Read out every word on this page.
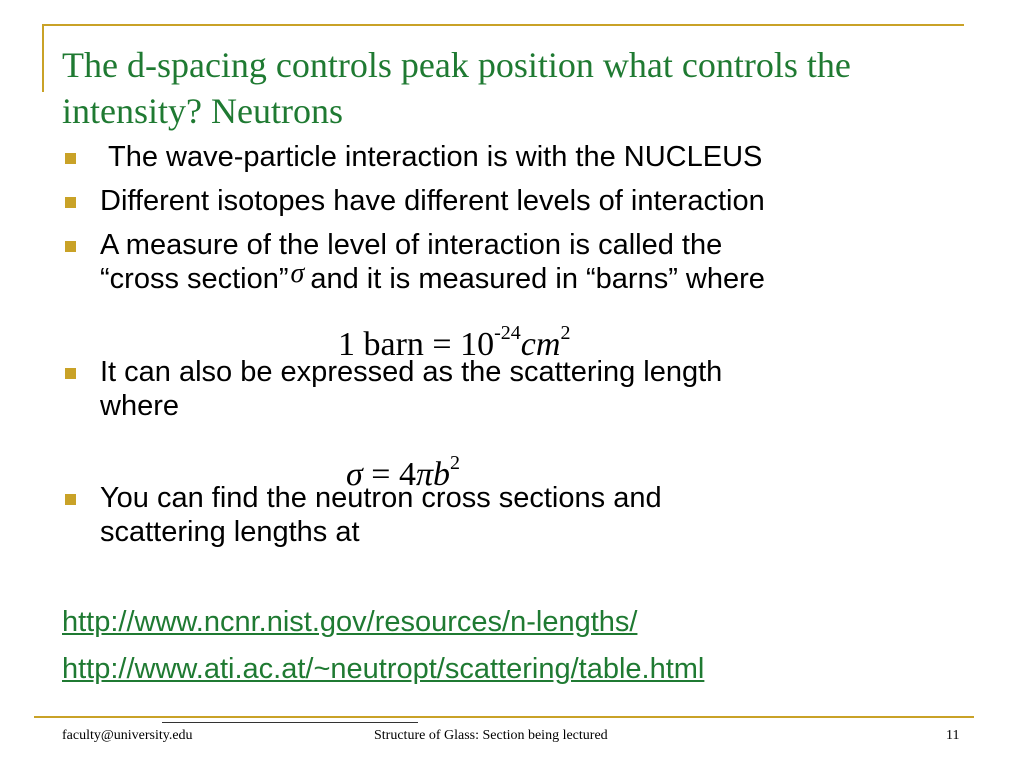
The d-spacing controls peak position what controls the intensity? Neutrons
The wave-particle interaction is with the NUCLEUS
Different isotopes have different levels of interaction
A measure of the level of interaction is called the
“cross section”σ and it is measured in “barns” where
It can also be expressed as the scattering length
where
You can find the neutron cross sections and
scattering lengths at
1 barn = $10^{-24}cm^2$
$\sigma = 4\pi b^2$
http://www.ncnr.nist.gov/resources/n-lengths/
http://www.ati.ac.at/~neutropt/scattering/table.html
faculty@university.edu	Structure of Glass: Section being lectured	11
